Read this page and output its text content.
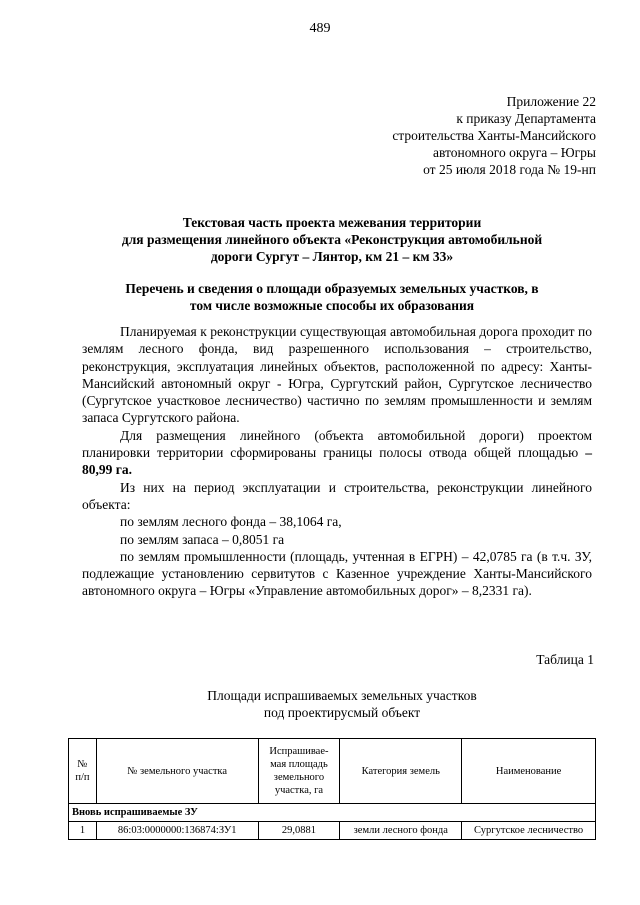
489
Приложение 22
к приказу Департамента
строительства Ханты-Мансийского
автономного округа – Югры
от 25 июля 2018 года № 19-нп
Текстовая часть проекта межевания территории
для размещения линейного объекта «Реконструкция автомобильной
дороги Сургут – Лянтор, км 21 – км 33»
Перечень и сведения о площади образуемых земельных участков, в
том числе возможные способы их образования

Планируемая к реконструкции существующая автомобильная дорога проходит по землям лесного фонда, вид разрешенного использования – строительство, реконструкция, эксплуатация линейных объектов, расположенной по адресу: Ханты-Мансийский автономный округ - Югра, Сургутский район, Сургутское лесничество (Сургутское участковое лесничество) частично по землям промышленности и землям запаса Сургутского района.

Для размещения линейного (объекта автомобильной дороги) проектом планировки территории сформированы границы полосы отвода общей площадью – 80,99 га.

Из них на период эксплуатации и строительства, реконструкции линейного объекта:

по землям лесного фонда – 38,1064 га,

по землям запаса – 0,8051 га

по землям промышленности (площадь, учтенная в ЕГРН) – 42,0785 га (в т.ч. ЗУ, подлежащие установлению сервитутов с Казенное учреждение Ханты-Мансийского автономного округа – Югры «Управление автомобильных дорог» – 8,2331 га).

Таблица 1
Площади испрашиваемых земельных участков
под проектирусмый объект
№ п/п	№ земельного участка	Испрашивае-мая площадь земельного участка, га	Категория земель	Наименование
Вновь испрашиваемые ЗУ				
1	86:03:0000000:136874:ЗУ1	29,0881	земли лесного фонда	Сургутское лесничество
